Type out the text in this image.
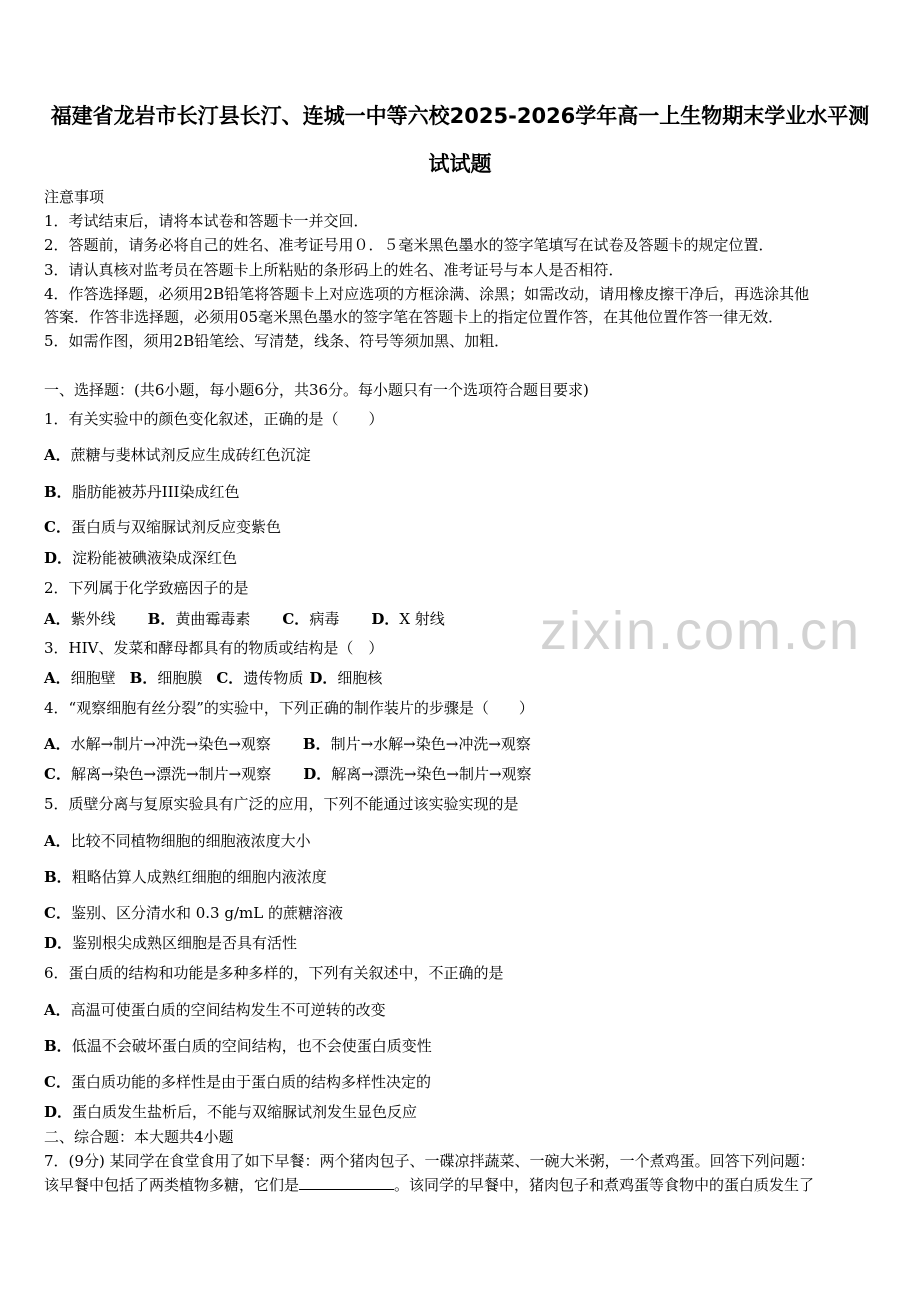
福建省龙岩市长汀县长汀、连城一中等六校2025-2026学年高一上生物期末学业水平测
试试题
注意事项
1．考试结束后，请将本试卷和答题卡一并交回．
2．答题前，请务必将自己的姓名、准考证号用０．５毫米黑色墨水的签字笔填写在试卷及答题卡的规定位置．
3．请认真核对监考员在答题卡上所粘贴的条形码上的姓名、准考证号与本人是否相符．
4．作答选择题，必须用2B铅笔将答题卡上对应选项的方框涂满、涂黑；如需改动，请用橡皮擦干净后，再选涂其他
答案．作答非选择题，必须用05毫米黑色墨水的签字笔在答题卡上的指定位置作答，在其他位置作答一律无效．
5．如需作图，须用2B铅笔绘、写清楚，线条、符号等须加黑、加粗．
一、选择题：(共6小题，每小题6分，共36分。每小题只有一个选项符合题目要求)
1．有关实验中的颜色变化叙述，正确的是（　　）
A．蔗糖与斐林试剂反应生成砖红色沉淀
B．脂肪能被苏丹III染成红色
C．蛋白质与双缩脲试剂反应变紫色
D．淀粉能被碘液染成深红色
2．下列属于化学致癌因子的是
A．紫外线 B．黄曲霉毒素 C．病毒 D．X 射线
3．HIV、发菜和酵母都具有的物质或结构是（　）
A．细胞壁 B．细胞膜 C．遗传物质 D．细胞核
4．“观察细胞有丝分裂”的实验中，下列正确的制作装片的步骤是（　　）
A．水解→制片→冲洗→染色→观察 B．制片→水解→染色→冲洗→观察
C．解离→染色→漂洗→制片→观察 D．解离→漂洗→染色→制片→观察
5．质壁分离与复原实验具有广泛的应用，下列不能通过该实验实现的是
A．比较不同植物细胞的细胞液浓度大小
B．粗略估算人成熟红细胞的细胞内液浓度
C．鉴别、区分清水和 0.3 g/mL 的蔗糖溶液
D．鉴别根尖成熟区细胞是否具有活性
6．蛋白质的结构和功能是多种多样的，下列有关叙述中，不正确的是
A．高温可使蛋白质的空间结构发生不可逆转的改变
B．低温不会破坏蛋白质的空间结构，也不会使蛋白质变性
C．蛋白质功能的多样性是由于蛋白质的结构多样性决定的
D．蛋白质发生盐析后，不能与双缩脲试剂发生显色反应
二、综合题：本大题共4小题
7．(9分) 某同学在食堂食用了如下早餐：两个猪肉包子、一碟凉拌蔬菜、一碗大米粥，一个煮鸡蛋。回答下列问题：
该早餐中包括了两类植物多糖，它们是	。该同学的早餐中，猪肉包子和煮鸡蛋等食物中的蛋白质发生了
zixin.com.cn
